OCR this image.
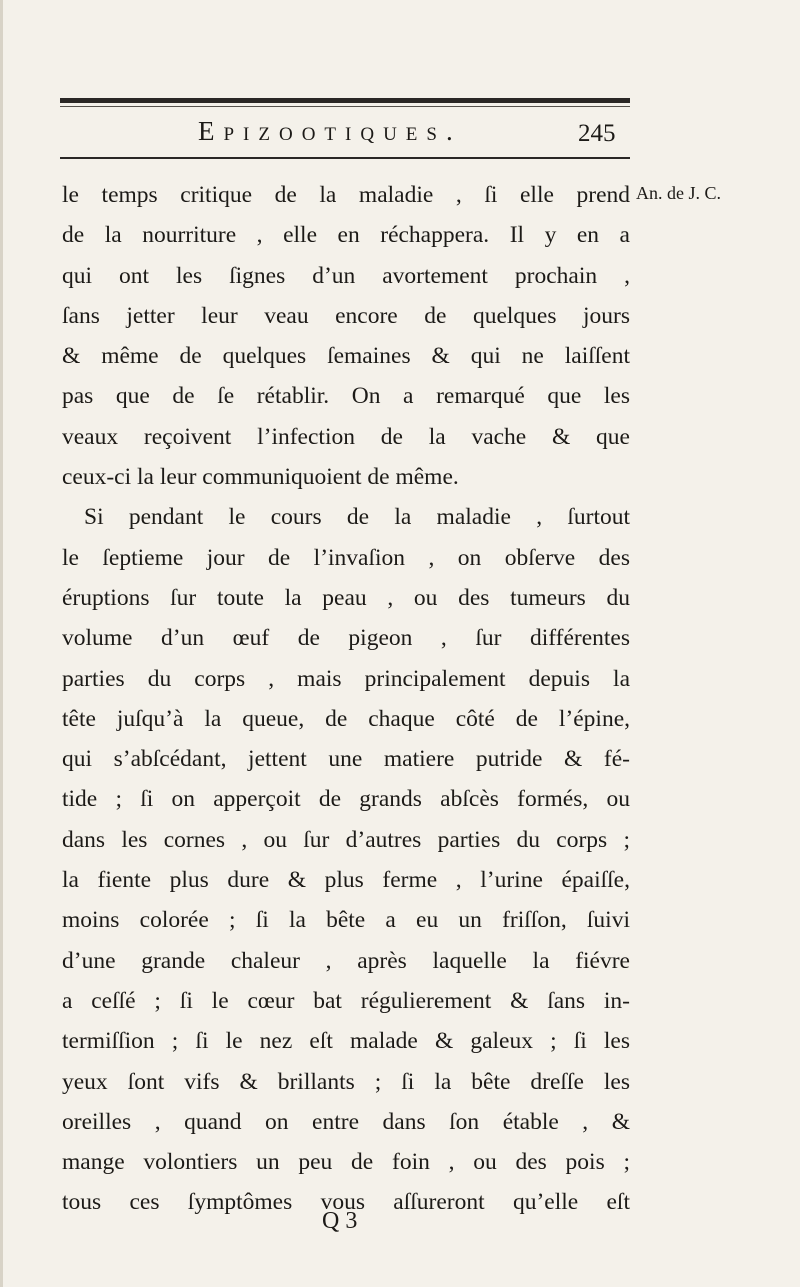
Epizootiques.	245
An. de J. C.
le temps critique de la maladie , ſi elle prend
de la nourriture , elle en réchappera. Il y en a
qui ont les ſignes d’un avortement prochain ,
ſans jetter leur veau encore de quelques jours
& même de quelques ſemaines & qui ne laiſſent
pas que de ſe rétablir. On a remarqué que les
veaux reçoivent l’infection de la vache & que
ceux-ci la leur communiquoient de même.
Si pendant le cours de la maladie , ſurtout
le ſeptieme jour de l’invaſion , on obſerve des
éruptions ſur toute la peau , ou des tumeurs du
volume d’un œuf de pigeon , ſur différentes
parties du corps , mais principalement depuis la
tête juſqu’à la queue, de chaque côté de l’épine,
qui s’abſcédant, jettent une matiere putride & fé-
tide ; ſi on apperçoit de grands abſcès formés, ou
dans les cornes , ou ſur d’autres parties du corps ;
la fiente plus dure & plus ferme , l’urine épaiſſe,
moins colorée ; ſi la bête a eu un friſſon, ſuivi
d’une grande chaleur , après laquelle la fiévre
a ceſſé ; ſi le cœur bat régulierement & ſans in-
termiſſion ; ſi le nez eſt malade & galeux ; ſi les
yeux ſont vifs & brillants ; ſi la bête dreſſe les
oreilles , quand on entre dans ſon étable , &
mange volontiers un peu de foin , ou des pois ;
tous ces ſymptômes vous aſſureront qu’elle eſt
Q 3
